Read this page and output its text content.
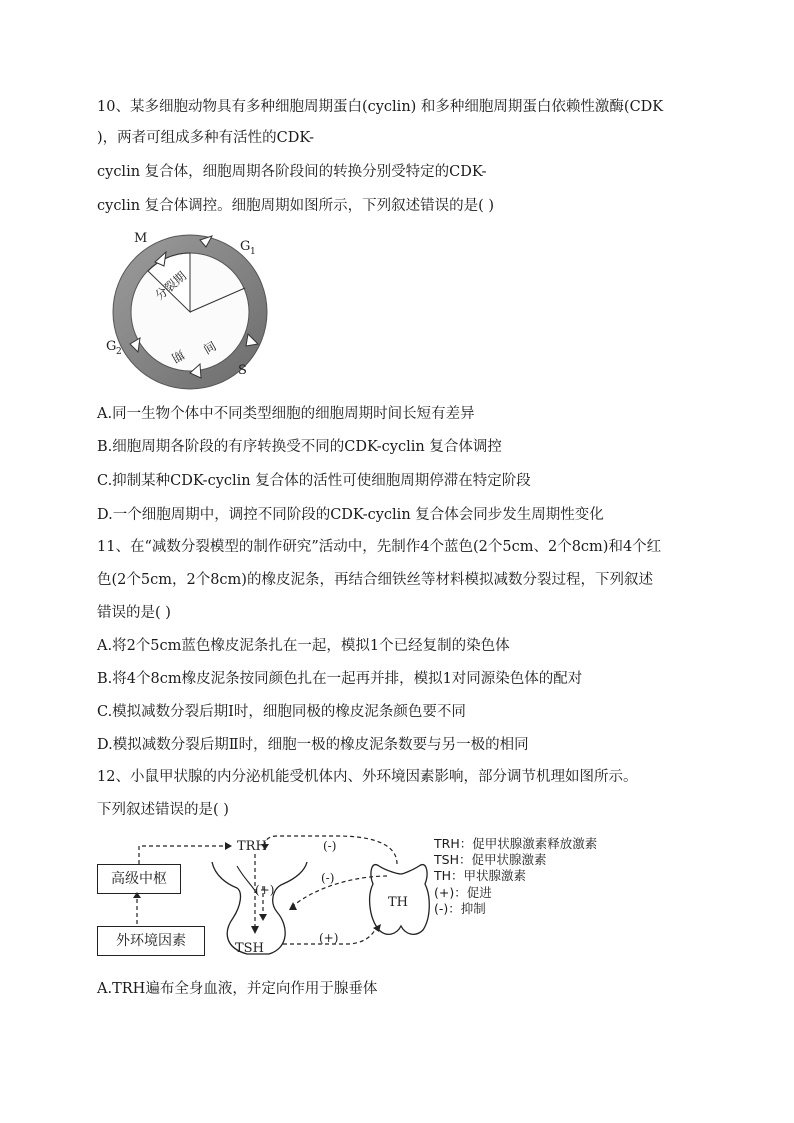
10、某多细胞动物具有多种细胞周期蛋白(cyclin) 和多种细胞周期蛋白依赖性激酶(CDK
)，两者可组成多种有活性的CDK-
cyclin 复合体，细胞周期各阶段间的转换分别受特定的CDK-
cyclin 复合体调控。细胞周期如图所示，下列叙述错误的是( )
M
G 1
G 2
S
分裂期
间
期
A.同一生物个体中不同类型细胞的细胞周期时间长短有差异
B.细胞周期各阶段的有序转换受不同的CDK-cyclin 复合体调控
C.抑制某种CDK-cyclin 复合体的活性可使细胞周期停滞在特定阶段
D.一个细胞周期中，调控不同阶段的CDK-cyclin 复合体会同步发生周期性变化
11、在“减数分裂模型的制作研究”活动中，先制作4个蓝色(2个5cm、2个8cm)和4个红
色(2个5cm，2个8cm)的橡皮泥条，再结合细铁丝等材料模拟减数分裂过程，下列叙述
错误的是( )
A.将2个5cm蓝色橡皮泥条扎在一起，模拟1个已经复制的染色体
B.将4个8cm橡皮泥条按同颜色扎在一起再并排，模拟1对同源染色体的配对
C.模拟减数分裂后期Ⅰ时，细胞同极的橡皮泥条颜色要不同
D.模拟减数分裂后期Ⅱ时，细胞一极的橡皮泥条数要与另一极的相同
12、小鼠甲状腺的内分泌机能受机体内、外环境因素影响，部分调节机理如图所示。
下列叙述错误的是( )
高级中枢
外环境因素
TRH
TSH
TH
(+)
(+)
(-)
(-)
TRH：促甲状腺激素释放激素
TSH：促甲状腺激素
TH：甲状腺激素
(+)：促进
(-)：抑制
A.TRH遍布全身血液，并定向作用于腺垂体
